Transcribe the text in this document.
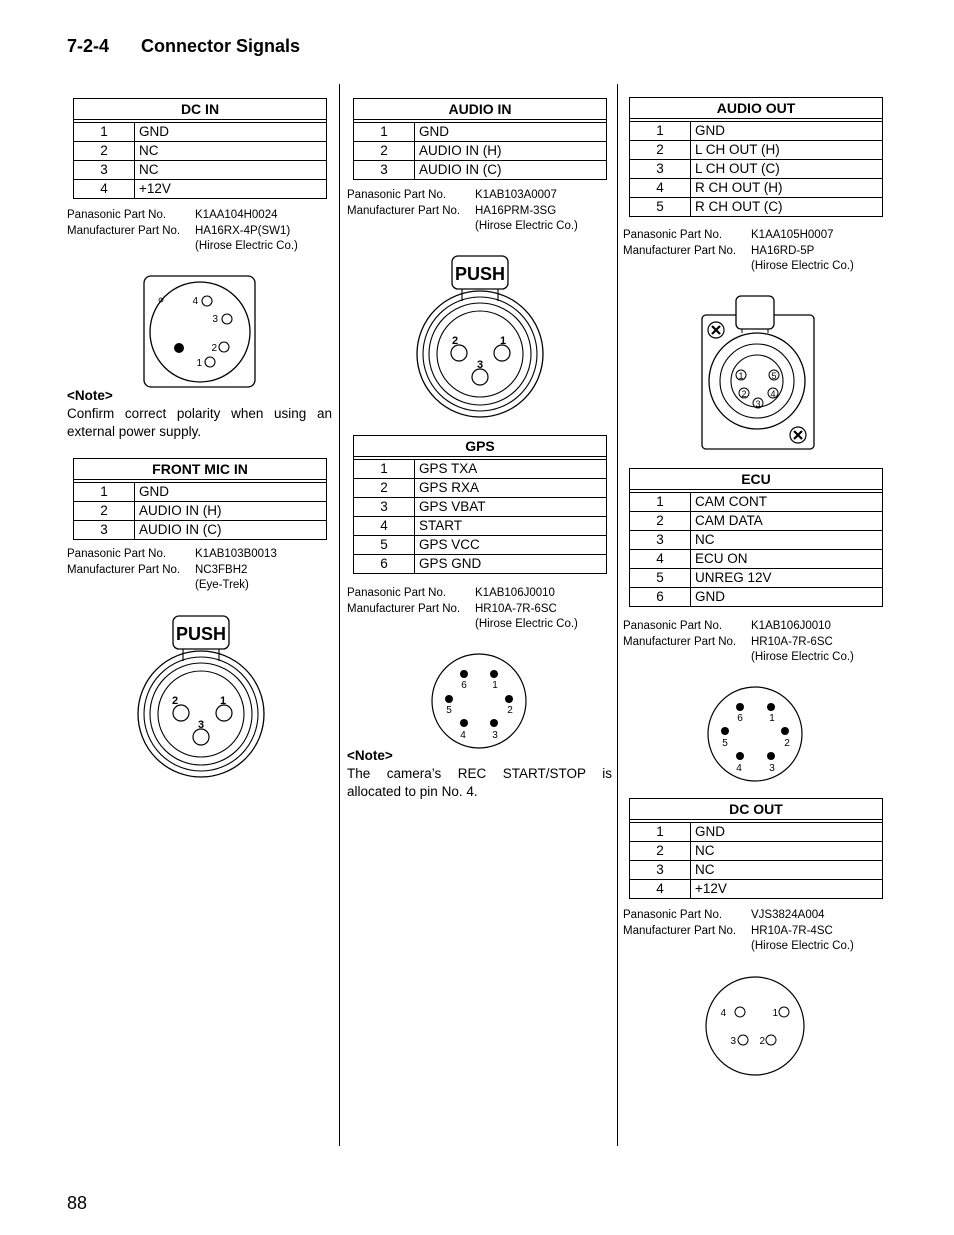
7-2-4 Connector Signals
DC IN	

1	GND
2	NC
3	NC
4	+12V
Panasonic Part No.	K1AA104H0024
Manufacturer Part No. HA16RX-4P(SW1)
(Hirose Electric Co.)
4
3
2
1
<Note>
Confirm correct polarity when using an external power supply.
FRONT MIC IN	

1	GND
2	AUDIO IN (H)
3	AUDIO IN (C)
Panasonic Part No.	K1AB103B0013
Manufacturer Part No. NC3FBH2
(Eye-Trek)
PUSH
2	1
3
AUDIO IN	

1	GND
2	AUDIO IN (H)
3	AUDIO IN (C)
Panasonic Part No.	K1AB103A0007
Manufacturer Part No. HA16PRM-3SG
(Hirose Electric Co.)
PUSH
2	1
3
GPS	

1	GPS TXA
2	GPS RXA
3	GPS VBAT
4	START
5	GPS VCC
6	GPS GND
Panasonic Part No.	K1AB106J0010
Manufacturer Part No. HR10A-7R-6SC
(Hirose Electric Co.)
6	1
5	2
4	3
<Note>
The camera’s REC START/STOP is allocated to pin No. 4.
AUDIO OUT	

1	GND
2	L CH OUT (H)
3	L CH OUT (C)
4	R CH OUT (H)
5	R CH OUT (C)
Panasonic Part No.	K1AA105H0007
Manufacturer Part No. HA16RD-5P
(Hirose Electric Co.)
1	5
2	4
3
ECU	

1	CAM CONT
2	CAM DATA
3	NC
4	ECU ON
5	UNREG 12V
6	GND
Panasonic Part No.	K1AB106J0010
Manufacturer Part No. HR10A-7R-6SC
(Hirose Electric Co.)
6	1
5	2
4	3
DC OUT	

1	GND
2	NC
3	NC
4	+12V
Panasonic Part No.	VJS3824A004
Manufacturer Part No. HR10A-7R-4SC
(Hirose Electric Co.)
4	1
3 2
88
